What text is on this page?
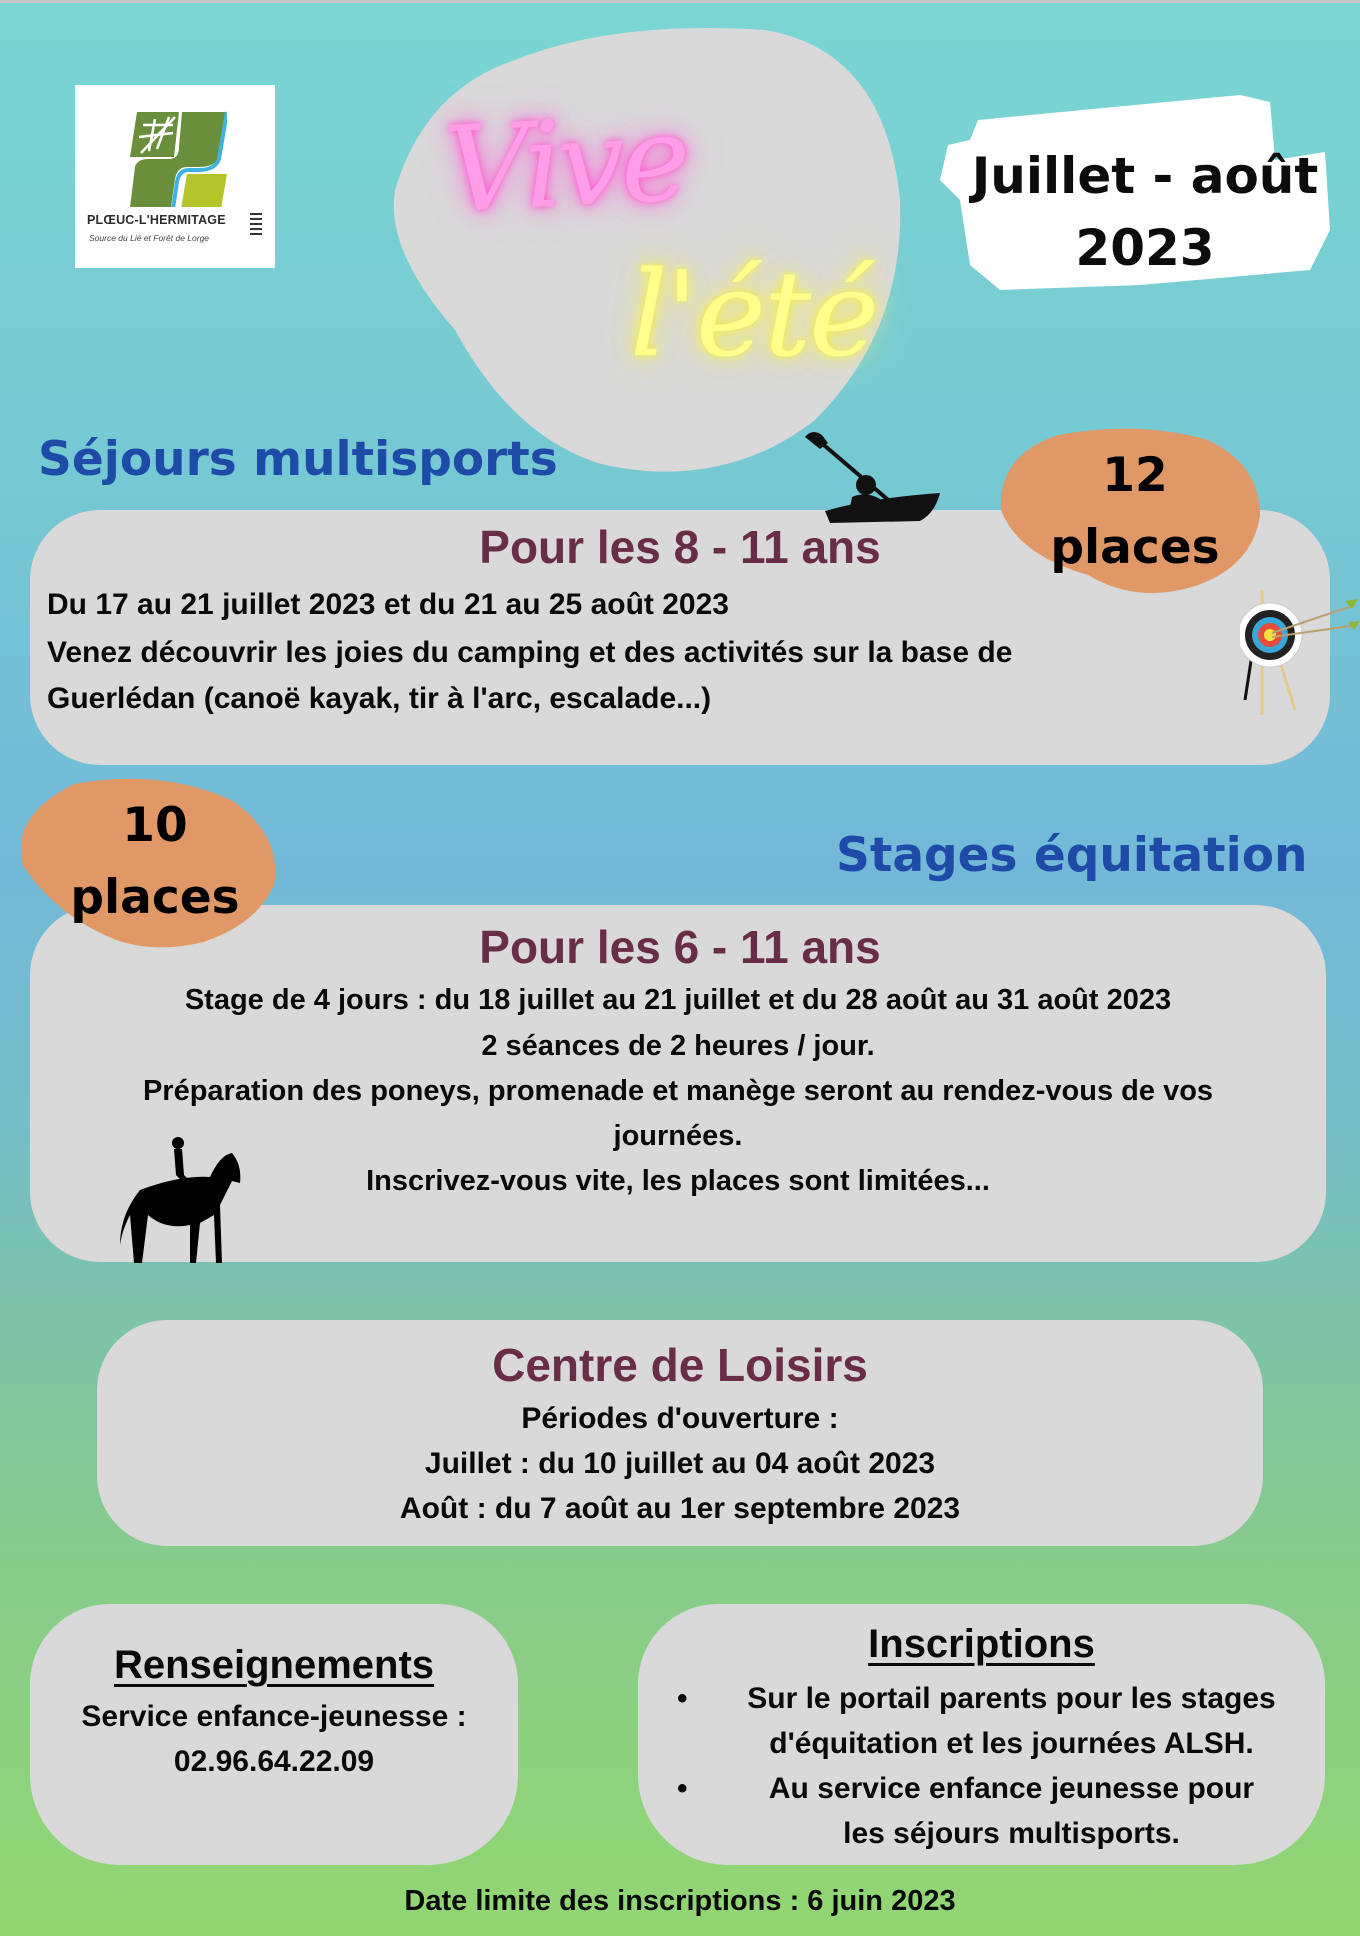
PLŒUC-L'HERMITAGE
Source du Lié et Forêt de Lorge Vive
l'été
Juillet - août
2023
Séjours multisports
Pour les 8 - 11 ans
Du 17 au 21 juillet 2023 et du 21 au 25 août 2023
Venez découvrir les joies du camping et des activités sur la base de
Guerlédan (canoë kayak, tir à l'arc, escalade...)
12
places
Stages équitation
10
places
Pour les 6 - 11 ans
Stage de 4 jours : du 18 juillet au 21 juillet et du 28 août au 31 août 2023
2 séances de 2 heures / jour.
Préparation des poneys, promenade et manège seront au rendez-vous de vos
journées.
Inscrivez-vous vite, les places sont limitées...
Centre de Loisirs
Périodes d'ouverture :
Juillet : du 10 juillet au 04 août 2023
Août : du 7 août au 1er septembre 2023
Renseignements
Service enfance-jeunesse :
02.96.64.22.09
Inscriptions
• Sur le portail parents pour les stages
d'équitation et les journées ALSH.
• Au service enfance jeunesse pour
les séjours multisports.
Date limite des inscriptions : 6 juin 2023
